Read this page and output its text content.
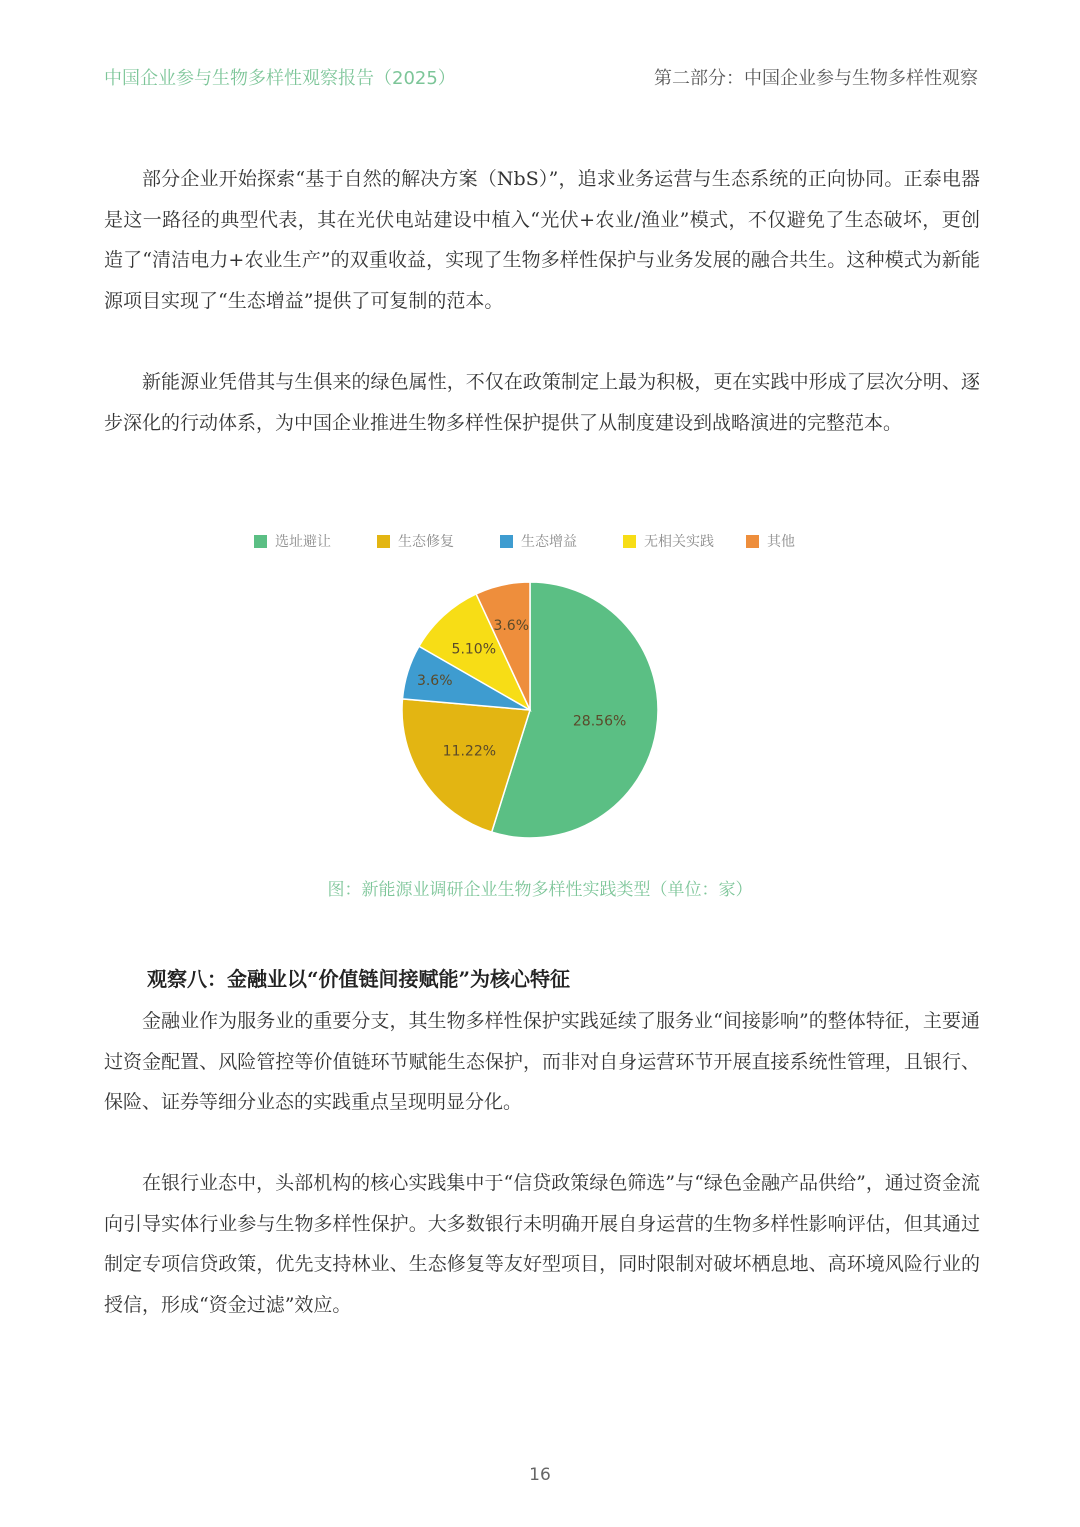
中国企业参与生物多样性观察报告（2025）	第二部分：中国企业参与生物多样性观察

部分企业开始探索“基于自然的解决方案（NbS）”，追求业务运营与生态系统的正向协同。正泰电器是这一路径的典型代表，其在光伏电站建设中植入“光伏+农业/渔业”模式，不仅避免了生态破坏，更创造了“清洁电力+农业生产”的双重收益，实现了生物多样性保护与业务发展的融合共生。这种模式为新能源项目实现了“生态增益”提供了可复制的范本。

新能源业凭借其与生俱来的绿色属性，不仅在政策制定上最为积极，更在实践中形成了层次分明、逐步深化的行动体系，为中国企业推进生物多样性保护提供了从制度建设到战略演进的完整范本。

选址避让	生态修复	生态增益	无相关实践	其他
28.56%
11.22%
3.6%
5.10%
3.6%
图：新能源业调研企业生物多样性实践类型（单位：家）
观察八：金融业以“价值链间接赋能”为核心特征

金融业作为服务业的重要分支，其生物多样性保护实践延续了服务业“间接影响”的整体特征，主要通过资金配置、风险管控等价值链环节赋能生态保护，而非对自身运营环节开展直接系统性管理，且银行、保险、证券等细分业态的实践重点呈现明显分化。

在银行业态中，头部机构的核心实践集中于“信贷政策绿色筛选”与“绿色金融产品供给”，通过资金流向引导实体行业参与生物多样性保护。大多数银行未明确开展自身运营的生物多样性影响评估，但其通过制定专项信贷政策，优先支持林业、生态修复等友好型项目，同时限制对破坏栖息地、高环境风险行业的授信，形成“资金过滤”效应。

16
